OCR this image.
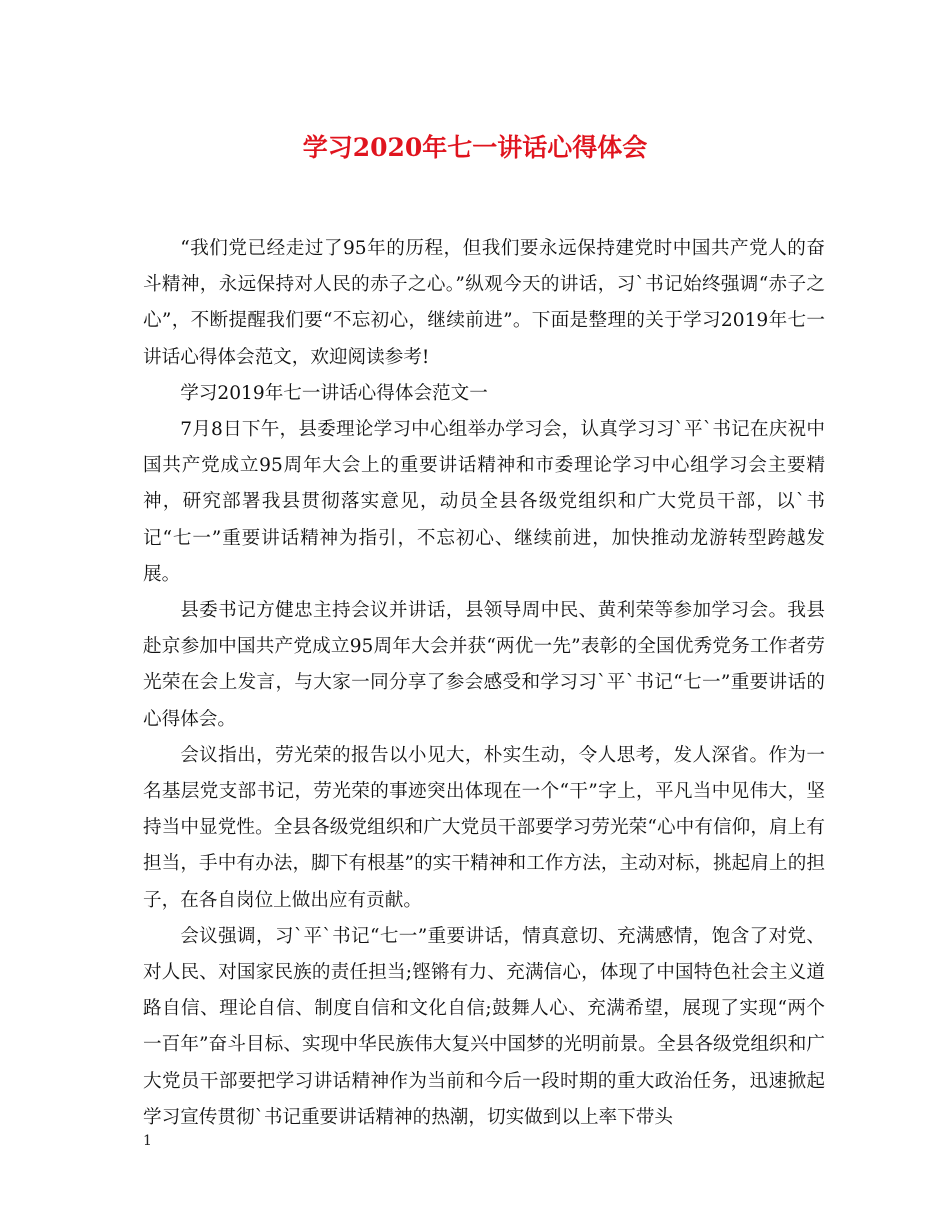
学习2020年七一讲话心得体会

“我们党已经走过了95年的历程，但我们要永远保持建党时中国共产党人的奋斗精神，永远保持对人民的赤子之心。”纵观今天的讲话，习`书记始终强调“赤子之心”，不断提醒我们要“不忘初心，继续前进”。下面是整理的关于学习2019年七一讲话心得体会范文，欢迎阅读参考!

学习2019年七一讲话心得体会范文一

7月8日下午，县委理论学习中心组举办学习会，认真学习习`平`书记在庆祝中国共产党成立95周年大会上的重要讲话精神和市委理论学习中心组学习会主要精神，研究部署我县贯彻落实意见，动员全县各级党组织和广大党员干部，以`书记“七一”重要讲话精神为指引，不忘初心、继续前进，加快推动龙游转型跨越发展。

县委书记方健忠主持会议并讲话，县领导周中民、黄利荣等参加学习会。我县赴京参加中国共产党成立95周年大会并获“两优一先”表彰的全国优秀党务工作者劳光荣在会上发言，与大家一同分享了参会感受和学习习`平`书记“七一”重要讲话的心得体会。

会议指出，劳光荣的报告以小见大，朴实生动，令人思考，发人深省。作为一名基层党支部书记，劳光荣的事迹突出体现在一个“干”字上，平凡当中见伟大，坚持当中显党性。全县各级党组织和广大党员干部要学习劳光荣“心中有信仰，肩上有担当，手中有办法，脚下有根基”的实干精神和工作方法，主动对标，挑起肩上的担子，在各自岗位上做出应有贡献。

会议强调，习`平`书记“七一”重要讲话，情真意切、充满感情，饱含了对党、对人民、对国家民族的责任担当;铿锵有力、充满信心，体现了中国特色社会主义道路自信、理论自信、制度自信和文化自信;鼓舞人心、充满希望，展现了实现“两个一百年”奋斗目标、实现中华民族伟大复兴中国梦的光明前景。全县各级党组织和广大党员干部要把学习讲话精神作为当前和今后一段时期的重大政治任务，迅速掀起学习宣传贯彻`书记重要讲话精神的热潮，切实做到以上率下带头

1
